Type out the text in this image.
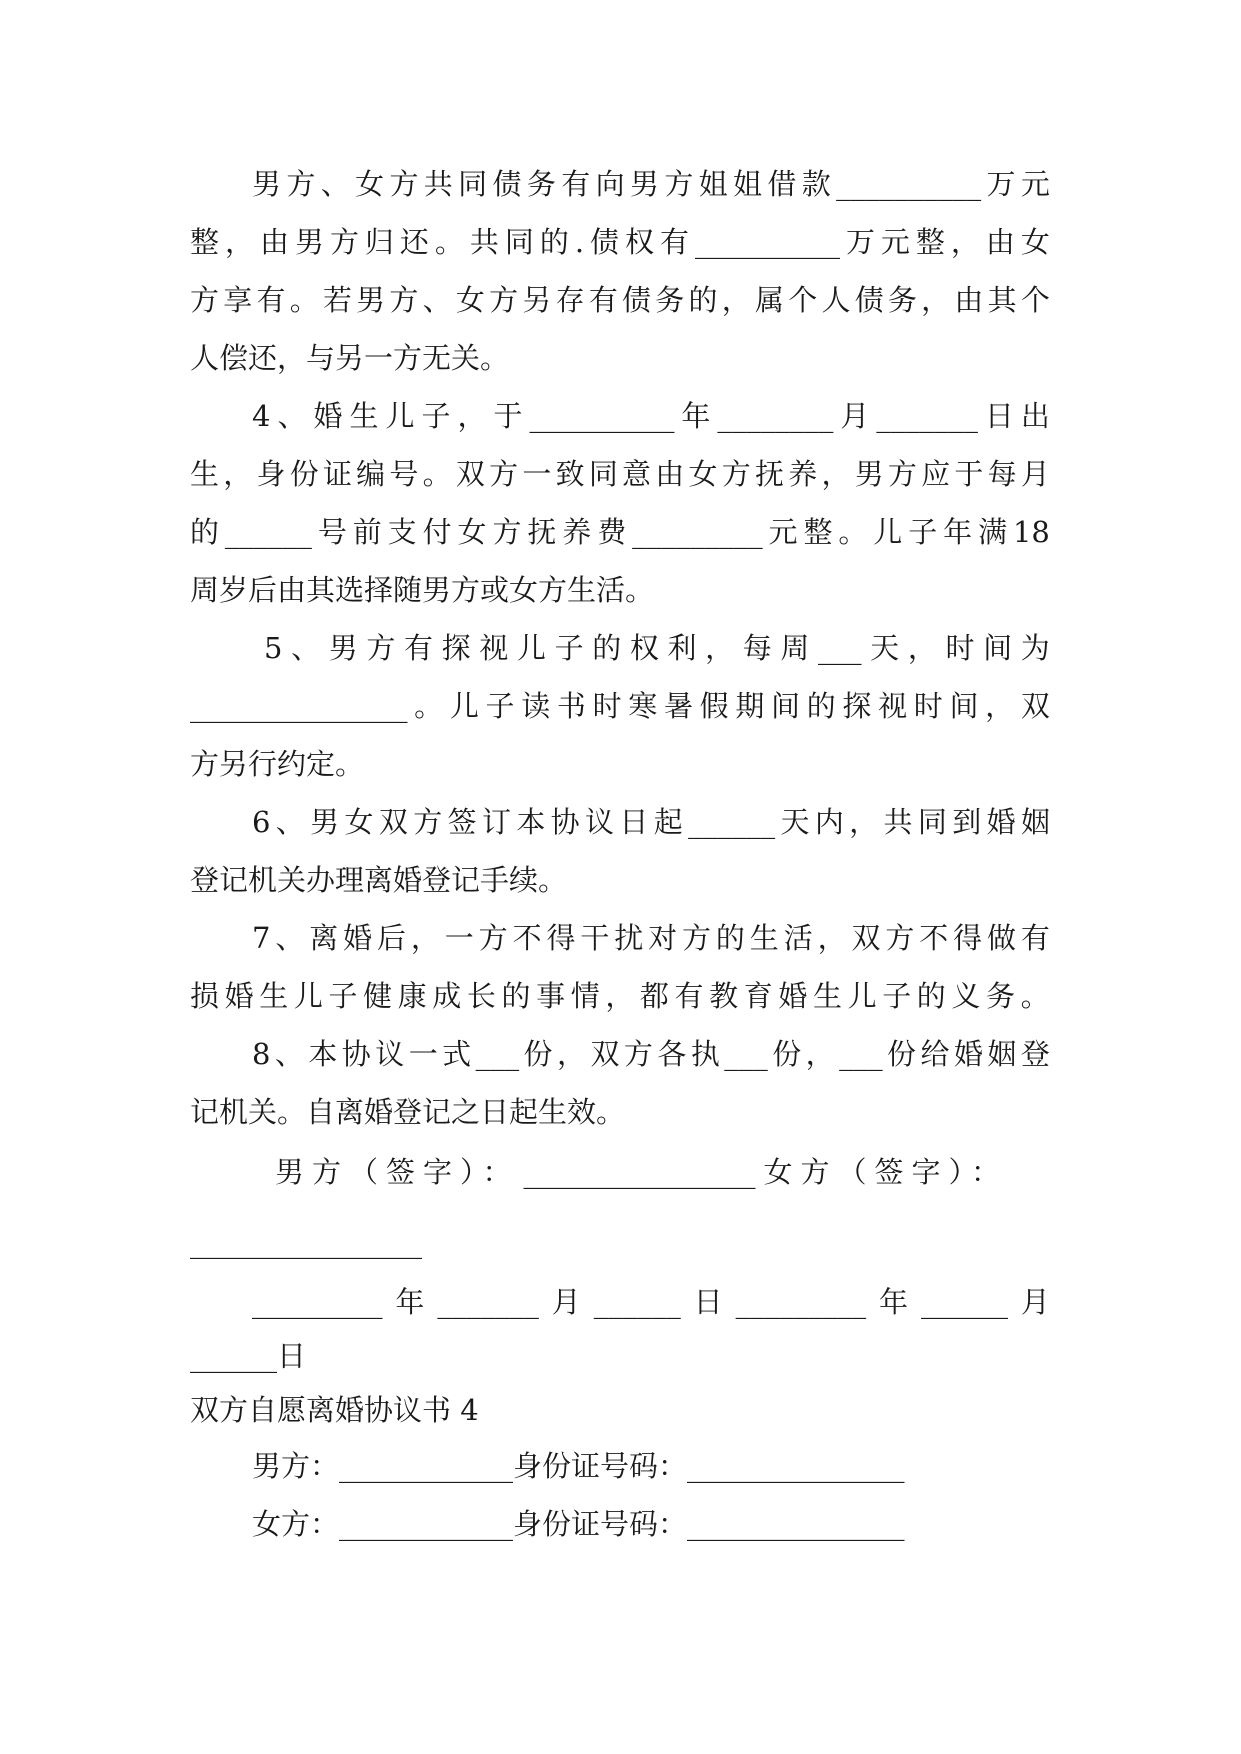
男 方 、 女 方 共 同 债 务 有 向 男 方 姐 姐 借 款 __________ 万 元
整 ， 由 男 方 归 还 。 共 同 的 . 债 权 有 __________ 万 元 整 ， 由 女
方 享 有 。 若 男 方 、 女 方 另 存 有 债 务 的 ， 属 个 人 债 务 ， 由 其 个
人偿还，与另一方无关。
4 、 婚 生 儿 子 ， 于 __________ 年 ________ 月 _______ 日 出
生 ， 身 份 证 编 号 。 双 方 一 致 同 意 由 女 方 抚 养 ， 男 方 应 于 每 月
的 ______ 号 前 支 付 女 方 抚 养 费 _________ 元 整 。 儿 子 年 满 18
周岁后由其选择随男方或女方生活。
5 、 男 方 有 探 视 儿 子 的 权 利 ， 每 周 ___ 天 ， 时 间 为
_______________ 。 儿 子 读 书 时 寒 暑 假 期 间 的 探 视 时 间 ， 双
方另行约定。
6 、 男 女 双 方 签 订 本 协 议 日 起 ______ 天 内 ， 共 同 到 婚 姻
登记机关办理离婚登记手续。
7 、 离 婚 后 ， 一 方 不 得 干 扰 对 方 的 生 活 ， 双 方 不 得 做 有
损 婚 生 儿 子 健 康 成 长 的 事 情 ， 都 有 教 育 婚 生 儿 子 的 义 务 。
8 、 本 协 议 一 式 ___ 份 ， 双 方 各 执 ___ 份 ， ___ 份 给 婚 姻 登
记机关。自离婚登记之日起生效。
男方（签字）： ________________ 女方（签字）：
________________
_________ 年 _______ 月 ______ 日 _________ 年 ______ 月
______日
双方自愿离婚协议书 4
男方： ____________ 身份证号码： _______________
女方： ____________ 身份证号码： _______________
